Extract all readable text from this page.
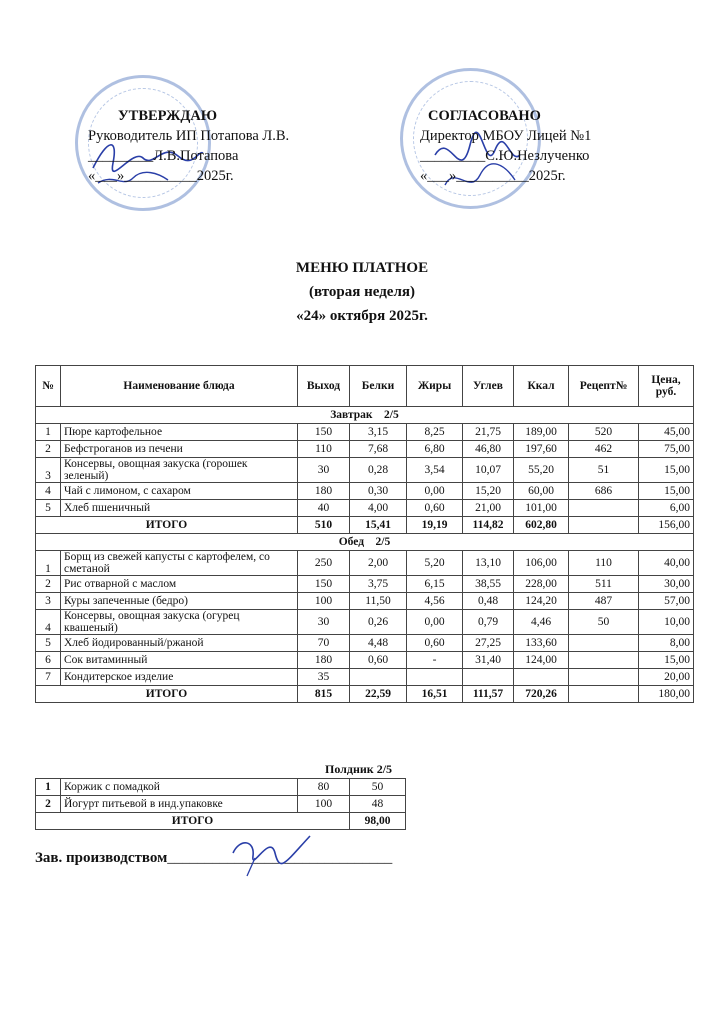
УТВЕРЖДАЮ
Руководитель ИП Потапова Л.В.
_________Л.В.Потапова
«___»__________2025г.
СОГЛАСОВАНО
Директор МБОУ Лицей №1
_________С.Ю.Незлученко
«___»__________2025г.
МЕНЮ ПЛАТНОЕ
(вторая неделя)
«24» октября 2025г.
№	Наименование блюда	Выход	Белки	Жиры	Углев	Ккал	Рецепт№	Цена, руб.
Завтрак    2/5								
1	Пюре картофельное	150	3,15	8,25	21,75	189,00	520	45,00
2	Бефстроганов из печени	110	7,68	6,80	46,80	197,60	462	75,00
3	Консервы, овощная закуска (горошек зеленый)	30	0,28	3,54	10,07	55,20	51	15,00
4	Чай с лимоном, с сахаром	180	0,30	0,00	15,20	60,00	686	15,00
5	Хлеб пшеничный	40	4,00	0,60	21,00	101,00		6,00
ИТОГО		510	15,41	19,19	114,82	602,80		156,00
Обед    2/5								
1	Борщ из свежей капусты с картофелем, со сметаной	250	2,00	5,20	13,10	106,00	110	40,00
2	Рис отварной с маслом	150	3,75	6,15	38,55	228,00	511	30,00
3	Куры запеченные (бедро)	100	11,50	4,56	0,48	124,20	487	57,00
4	Консервы, овощная закуска (огурец квашеный)	30	0,26	0,00	0,79	4,46	50	10,00
5	Хлеб йодированный/ржаной	70	4,48	0,60	27,25	133,60		8,00
6	Сок витаминный	180	0,60	-	31,40	124,00		15,00
7	Кондитерское изделие	35						20,00
ИТОГО		815	22,59	16,51	111,57	720,26		180,00
Полдник 2/5
1	Коржик с помадкой	80	50
2	Йогурт питьевой в инд.упаковке	100	48
ИТОГО			98,00
Зав. производством______________________________
